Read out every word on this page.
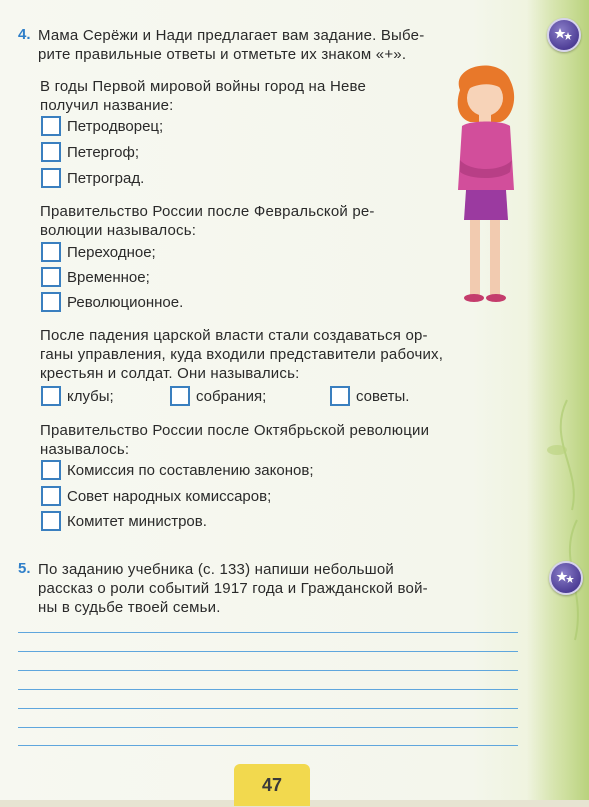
4. Мама Серёжи и Нади предлагает вам задание. Выбе-
рите правильные ответы и отметьте их знаком «+».
В годы Первой мировой войны город на Неве
получил название:
Петродворец;
Петергоф;
Петроград.
Правительство России после Февральской ре-
волюции называлось:
Переходное;
Временное;
Революционное.
После падения царской власти стали создаваться ор-
ганы управления, куда входили представители рабочих,
крестьян и солдат. Они назывались:
клубы;	собрания;	советы.
Правительство России после Октябрьской революции
называлось:
Комиссия по составлению законов;
Совет народных комиссаров;
Комитет министров.
5. По заданию учебника (с. 133) напиши небольшой
рассказ о роли событий 1917 года и Гражданской вой-
ны в судьбе твоей семьи.
47
